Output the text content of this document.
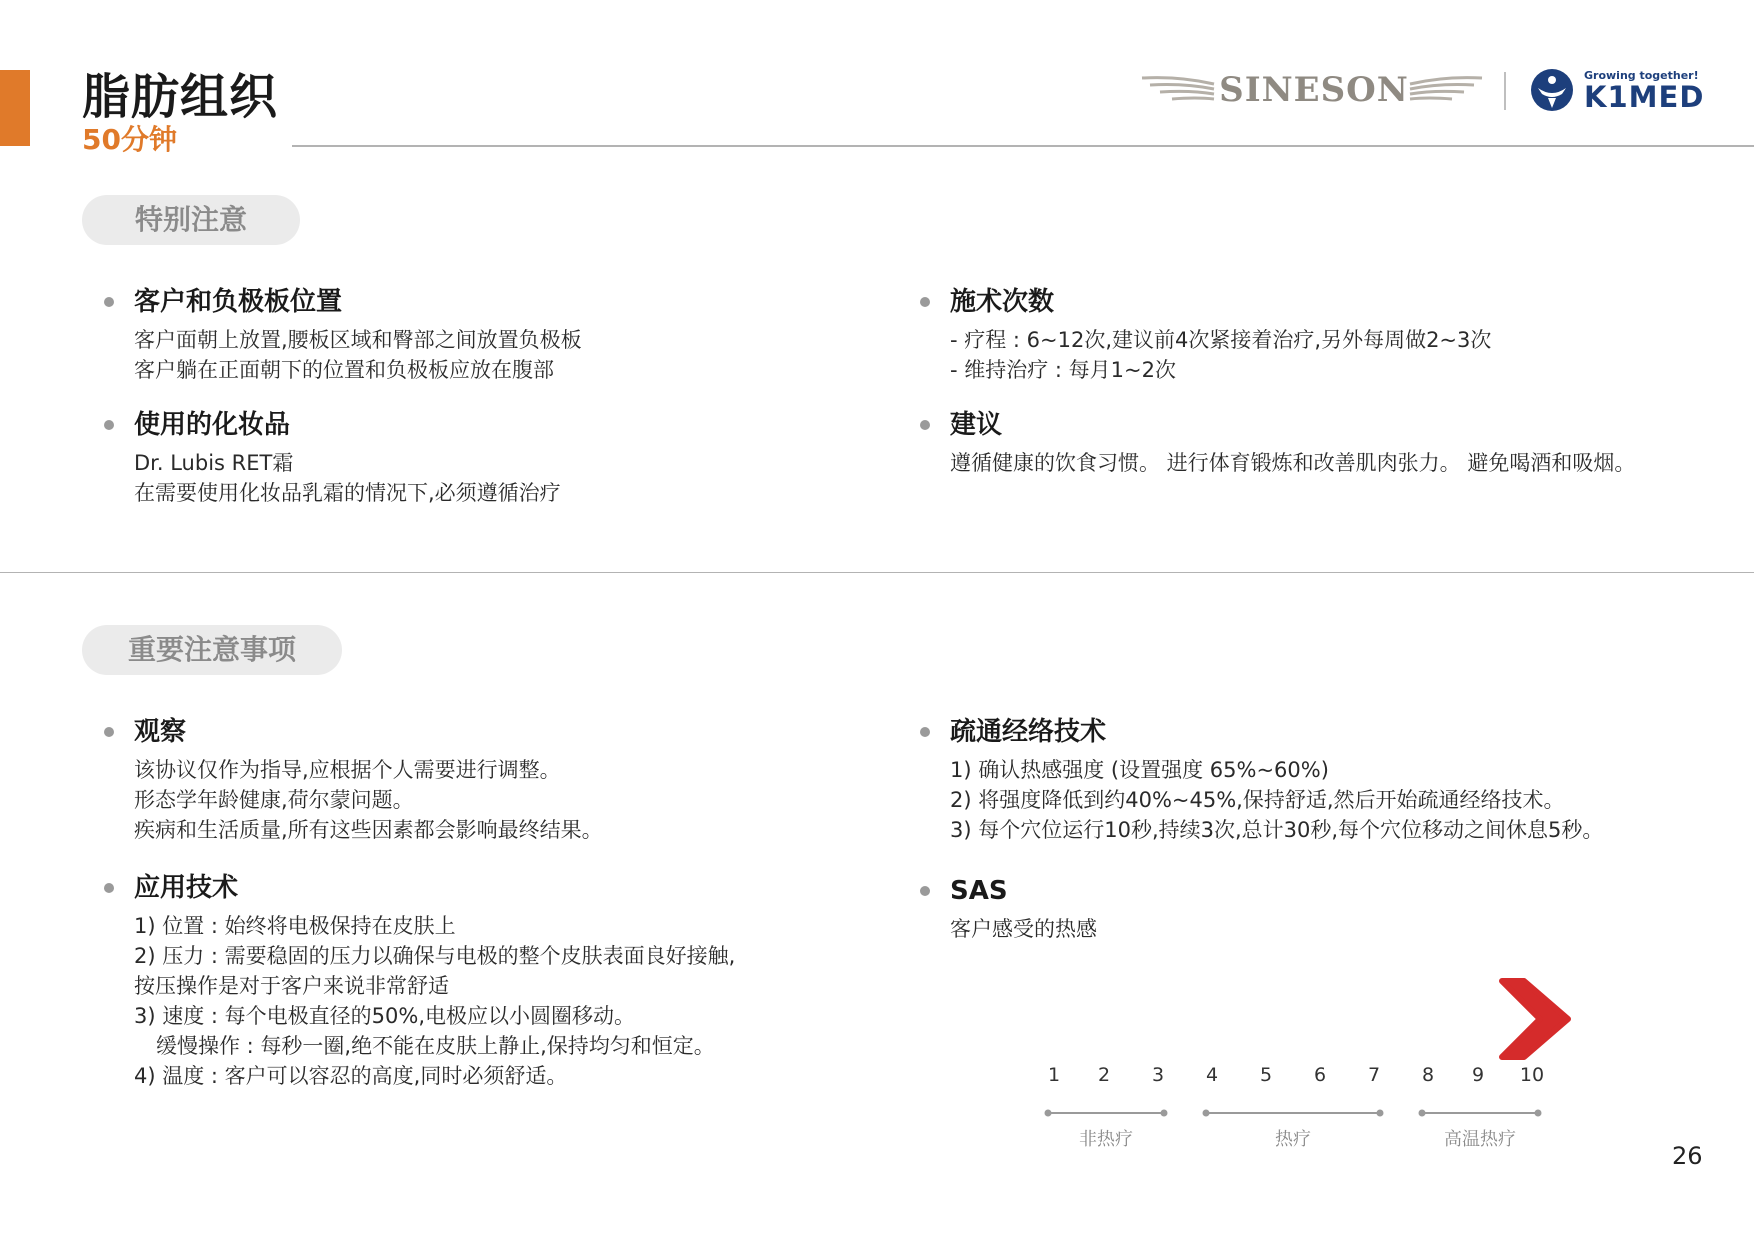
脂肪组织
50分钟
SINESON	Growing together!
K1MED
特别注意
客户和负极板位置
客户面朝上放置,腰板区域和臀部之间放置负极板
客户躺在正面朝下的位置和负极板应放在腹部
使用的化妆品
Dr. Lubis RET霜
在需要使用化妆品乳霜的情况下,必须遵循治疗
施术次数
- 疗程 : 6~12次,建议前4次紧接着治疗,另外每周做2~3次
- 维持治疗 : 每月1~2次
建议
遵循健康的饮食习惯。 进行体育锻炼和改善肌肉张力。 避免喝酒和吸烟。
重要注意事项
观察
该协议仅作为指导,应根据个人需要进行调整。
形态学年龄健康,荷尔蒙问题。
疾病和生活质量,所有这些因素都会影响最终结果。
应用技术
1) 位置 : 始终将电极保持在皮肤上
2) 压力 : 需要稳固的压力以确保与电极的整个皮肤表面良好接触,
按压操作是对于客户来说非常舒适
3) 速度 : 每个电极直径的50%,电极应以小圆圈移动。
缓慢操作 : 每秒一圈,绝不能在皮肤上静止,保持均匀和恒定。
4) 温度 : 客户可以容忍的高度,同时必须舒适。
疏通经络技术
1) 确认热感强度 (设置强度 65%~60%)
2) 将强度降低到约40%~45%,保持舒适,然后开始疏通经络技术。
3) 每个穴位运行10秒,持续3次,总计30秒,每个穴位移动之间休息5秒。
SAS
客户感受的热感
1 2 3 4 5 6 7 8 9 10
非热疗	热疗	高温热疗
26
